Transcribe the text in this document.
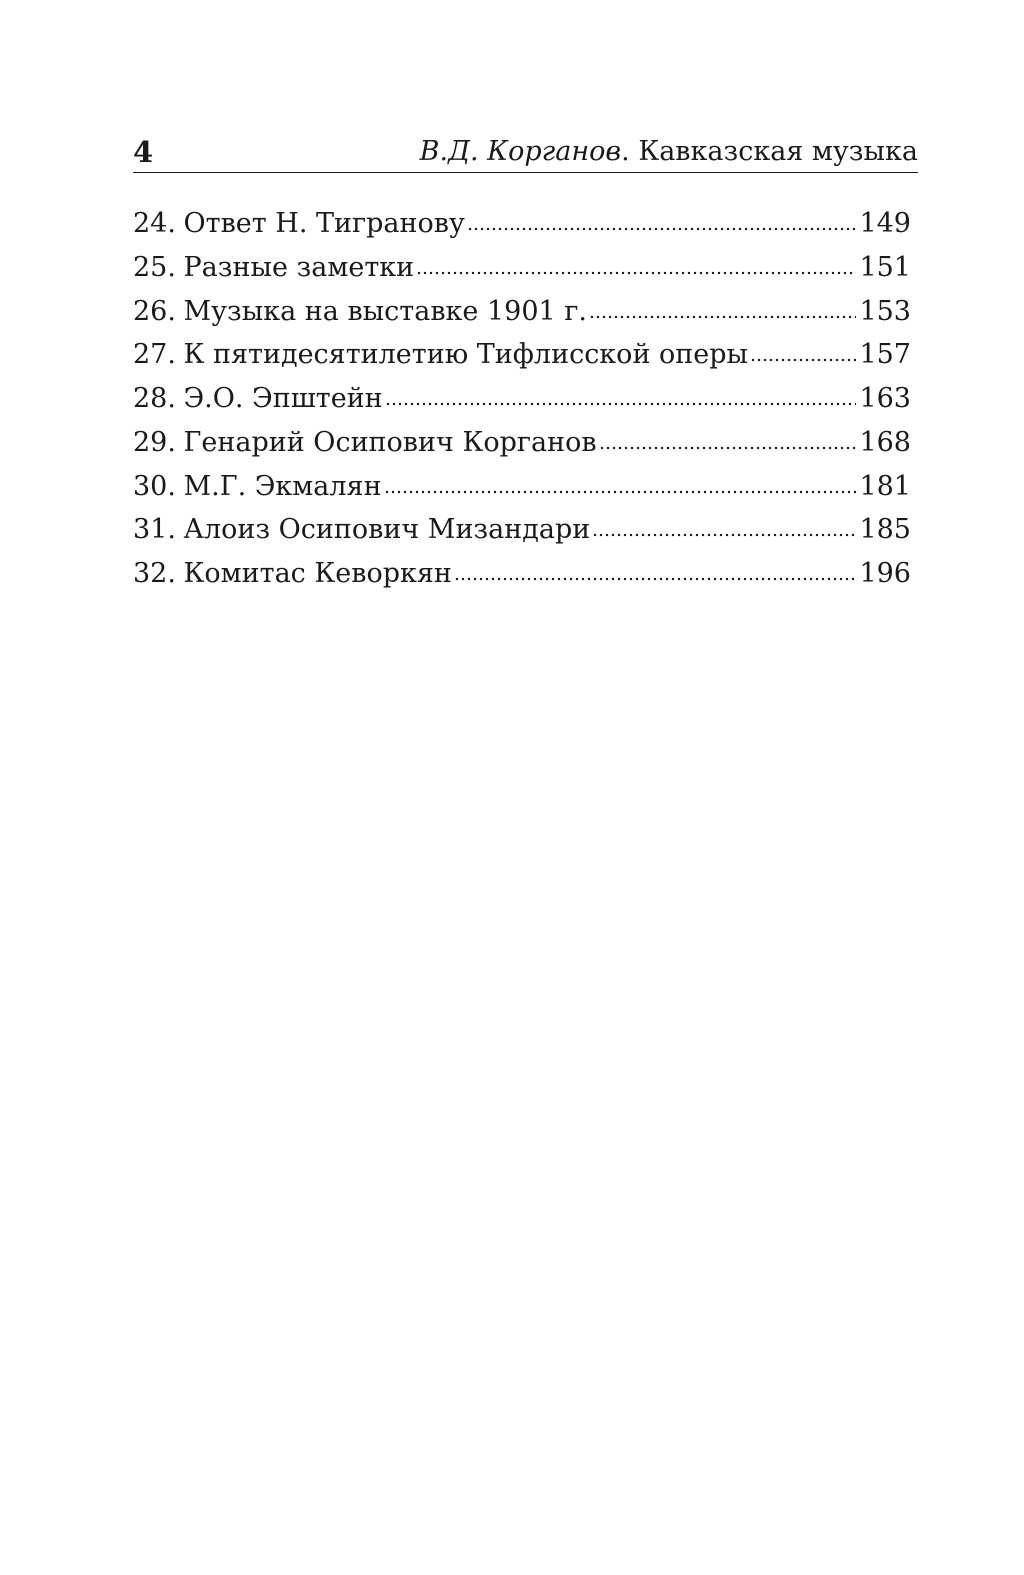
4	В.Д. Корганов. Кавказская музыка
24. Ответ Н. Тигранову	149
25. Разные заметки	151
26. Музыка на выставке 1901 г.	153
27. К пятидесятилетию Тифлисской оперы	157
28. Э.О. Эпштейн	163
29. Генарий Осипович Корганов	168
30. М.Г. Экмалян	181
31. Алоиз Осипович Мизандари	185
32. Комитас Кеворкян	196
